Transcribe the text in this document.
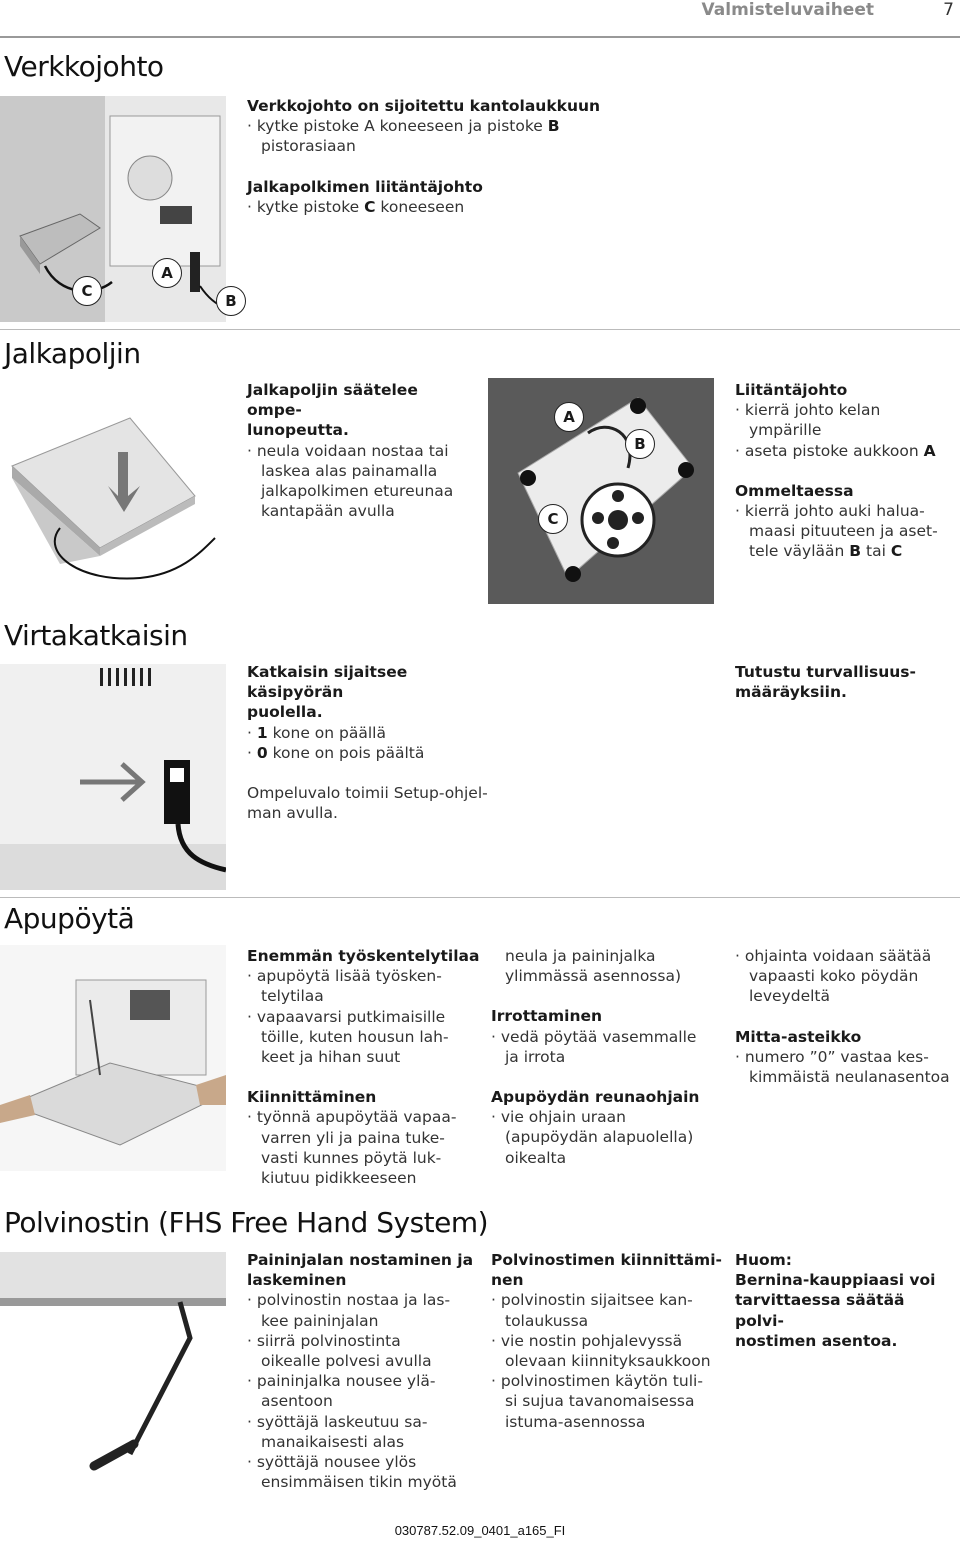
Valmisteluvaiheet	7
Verkkojohto
C
A
B

Verkkojohto on sijoitettu kantolaukkuun

· kytke pistoke A koneeseen ja pistoke B

pistorasiaan

Jalkapolkimen liitäntäjohto

· kytke pistoke C koneeseen

Jalkapoljin

Jalkapoljin säätelee ompe-

lunopeutta.

· neula voidaan nostaa tai

laskea alas painamalla

jalkapolkimen etureunaa

kantapään avulla

A
B
C

Liitäntäjohto

· kierrä johto kelan

ympärille

· aseta pistoke aukkoon A

Ommeltaessa

· kierrä johto auki halua-

maasi pituuteen ja aset-

tele väylään B tai C

Virtakatkaisin

Katkaisin sijaitsee käsipyörän

puolella.

· 1 kone on päällä

· 0 kone on pois päältä

Ompeluvalo toimii Setup-ohjel-

man avulla.

Tutustu turvallisuus-

määräyksiin.

Apupöytä

Enemmän työskentelytilaa

· apupöytä lisää työsken-

telytilaa

· vapaavarsi putkimaisille

töille, kuten housun lah-

keet ja hihan suut

Kiinnittäminen

· työnnä apupöytää vapaa-

varren yli ja paina tuke-

vasti kunnes pöytä luk-

kiutuu pidikkeeseen

neula ja paininjalka

ylimmässä asennossa)

Irrottaminen

· vedä pöytää vasemmalle

ja irrota

Apupöydän reunaohjain

· vie ohjain uraan

(apupöydän alapuolella)

oikealta

· ohjainta voidaan säätää

vapaasti koko pöydän

leveydeltä

Mitta-asteikko

· numero ”0” vastaa kes-

kimmäistä neulanasentoa

Polvinostin (FHS Free Hand System)

Paininjalan nostaminen ja

laskeminen

· polvinostin nostaa ja las-

kee paininjalan

· siirrä polvinostinta

oikealle polvesi avulla

· paininjalka nousee ylä-

asentoon

· syöttäjä laskeutuu sa-

manaikaisesti alas

· syöttäjä nousee ylös

ensimmäisen tikin myötä

Polvinostimen kiinnittämi-

nen

· polvinostin sijaitsee kan-

tolaukussa

· vie nostin pohjalevyssä

olevaan kiinnityksaukkoon

· polvinostimen käytön tuli-

si sujua tavanomaisessa

istuma-asennossa

Huom:

Bernina-kauppiaasi voi

tarvittaessa säätää polvi-

nostimen asentoa.

030787.52.09_0401_a165_FI
